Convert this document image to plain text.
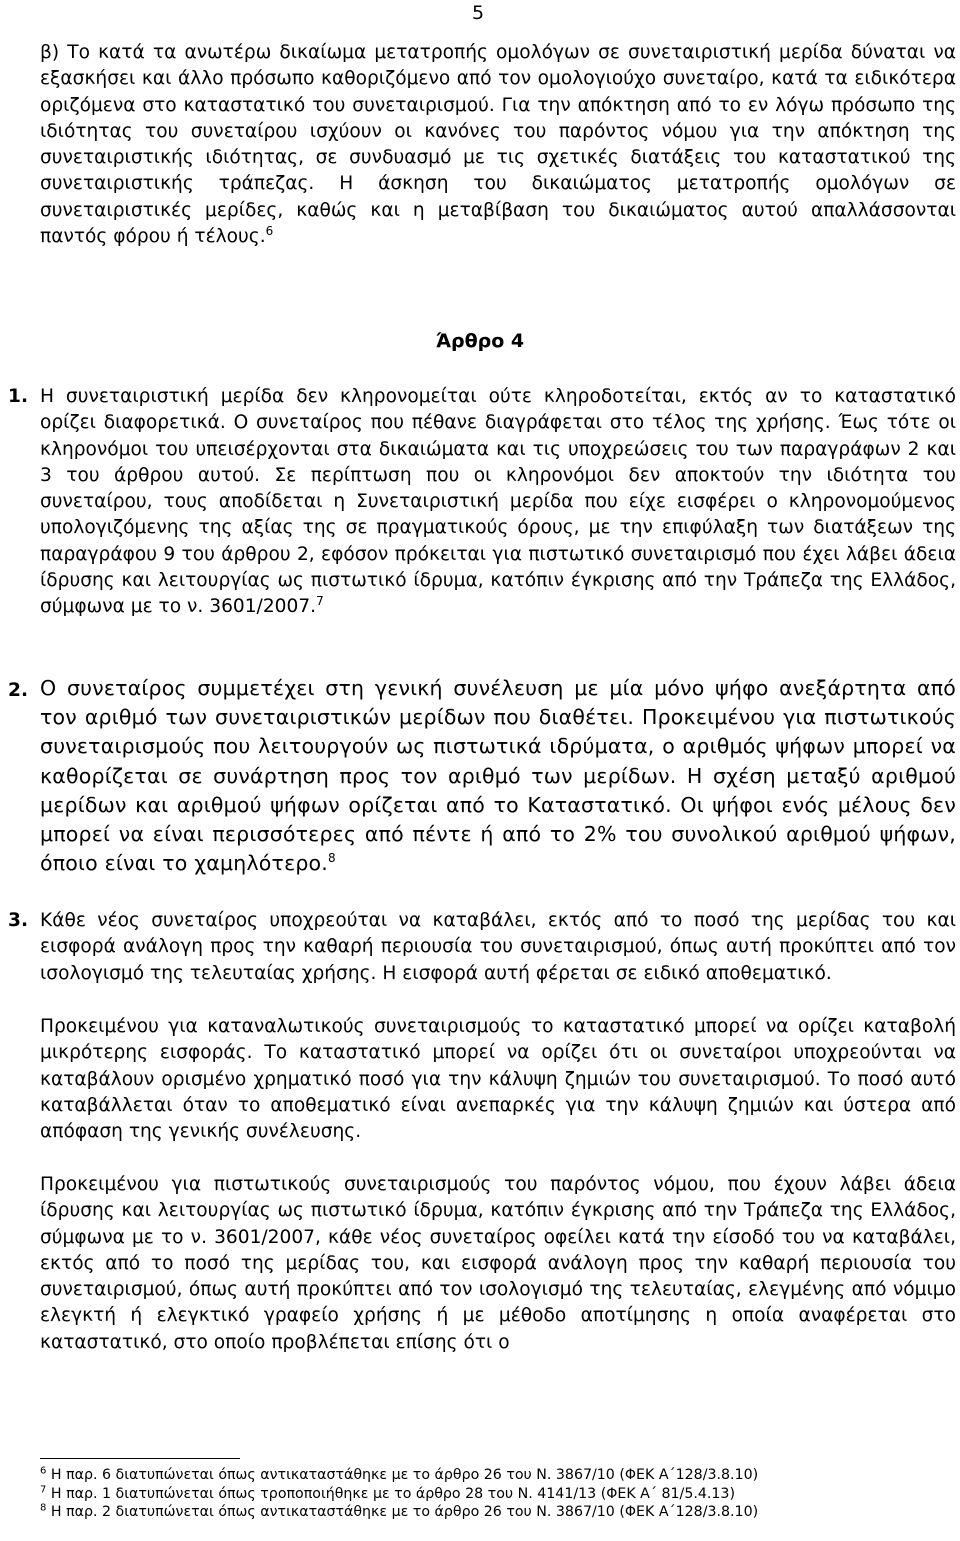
5

β) Το κατά τα ανωτέρω δικαίωμα μετατροπής ομολόγων σε συνεταιριστική μερίδα δύναται να εξασκήσει και άλλο πρόσωπο καθοριζόμενο από τον ομολογιούχο συνεταίρο, κατά τα ειδικότερα οριζόμενα στο καταστατικό του συνεταιρισμού. Για την απόκτηση από το εν λόγω πρόσωπο της ιδιότητας του συνεταίρου ισχύουν οι κανόνες του παρόντος νόμου για την απόκτηση της συνεταιριστικής ιδιότητας, σε συνδυασμό με τις σχετικές διατάξεις του καταστατικού της συνεταιριστικής τράπεζας. Η άσκηση του δικαιώματος μετατροπής ομολόγων σε συνεταιριστικές μερίδες, καθώς και η μεταβίβαση του δικαιώματος αυτού απαλλάσσονται παντός φόρου ή τέλους.$^6$

Άρθρο 4
1. Η συνεταιριστική μερίδα δεν κληρονομείται ούτε κληροδοτείται, εκτός αν το καταστατικό ορίζει διαφορετικά. Ο συνεταίρος που πέθανε διαγράφεται στο τέλος της χρήσης. Έως τότε οι κληρονόμοι του υπεισέρχονται στα δικαιώματα και τις υποχρεώσεις του των παραγράφων 2 και 3 του άρθρου αυτού. Σε περίπτωση που οι κληρονόμοι δεν αποκτούν την ιδιότητα του συνεταίρου, τους αποδίδεται η Συνεταιριστική μερίδα που είχε εισφέρει ο κληρονομούμενος υπολογιζόμενης της αξίας της σε πραγματικούς όρους, με την επιφύλαξη των διατάξεων της παραγράφου 9 του άρθρου 2, εφόσον πρόκειται για πιστωτικό συνεταιρισμό που έχει λάβει άδεια ίδρυσης και λειτουργίας ως πιστωτικό ίδρυμα, κατόπιν έγκρισης από την Τράπεζα της Ελλάδος, σύμφωνα με το ν. 3601/2007.$^7$
2. Ο συνεταίρος συμμετέχει στη γενική συνέλευση με μία μόνο ψήφο ανεξάρτητα από τον αριθμό των συνεταιριστικών μερίδων που διαθέτει. Προκειμένου για πιστωτικούς συνεταιρισμούς που λειτουργούν ως πιστωτικά ιδρύματα, ο αριθμός ψήφων μπορεί να καθορίζεται σε συνάρτηση προς τον αριθμό των μερίδων. Η σχέση μεταξύ αριθμού μερίδων και αριθμού ψήφων ορίζεται από το Καταστατικό. Οι ψήφοι ενός μέλους δεν μπορεί να είναι περισσότερες από πέντε ή από το 2% του συνολικού αριθμού ψήφων, όποιο είναι το χαμηλότερο.$^8$
3. Κάθε νέος συνεταίρος υποχρεούται να καταβάλει, εκτός από το ποσό της μερίδας του και εισφορά ανάλογη προς την καθαρή περιουσία του συνεταιρισμού, όπως αυτή προκύπτει από τον ισολογισμό της τελευταίας χρήσης. Η εισφορά αυτή φέρεται σε ειδικό αποθεματικό.

Προκειμένου για καταναλωτικούς συνεταιρισμούς το καταστατικό μπορεί να ορίζει καταβολή μικρότερης εισφοράς. Το καταστατικό μπορεί να ορίζει ότι οι συνεταίροι υποχρεούνται να καταβάλουν ορισμένο χρηματικό ποσό για την κάλυψη ζημιών του συνεταιρισμού. Το ποσό αυτό καταβάλλεται όταν το αποθεματικό είναι ανεπαρκές για την κάλυψη ζημιών και ύστερα από απόφαση της γενικής συνέλευσης.

Προκειμένου για πιστωτικούς συνεταιρισμούς του παρόντος νόμου, που έχουν λάβει άδεια ίδρυσης και λειτουργίας ως πιστωτικό ίδρυμα, κατόπιν έγκρισης από την Τράπεζα της Ελλάδος, σύμφωνα με το ν. 3601/2007, κάθε νέος συνεταίρος οφείλει κατά την είσοδό του να καταβάλει, εκτός από το ποσό της μερίδας του, και εισφορά ανάλογη προς την καθαρή περιουσία του συνεταιρισμού, όπως αυτή προκύπτει από τον ισολογισμό της τελευταίας, ελεγμένης από νόμιμο ελεγκτή ή ελεγκτικό γραφείο χρήσης ή με μέθοδο αποτίμησης η οποία αναφέρεται στο καταστατικό, στο οποίο προβλέπεται επίσης ότι ο

$^6$ Η παρ. 6 διατυπώνεται όπως αντικαταστάθηκε με το άρθρο 26 του Ν. 3867/10 (ΦΕΚ Α΄128/3.8.10)
$^7$ Η παρ. 1 διατυπώνεται όπως τροποποιήθηκε με το άρθρο 28 του Ν. 4141/13 (ΦΕΚ Α΄ 81/5.4.13)
$^8$ Η παρ. 2 διατυπώνεται όπως αντικαταστάθηκε με το άρθρο 26 του Ν. 3867/10 (ΦΕΚ Α΄128/3.8.10)
